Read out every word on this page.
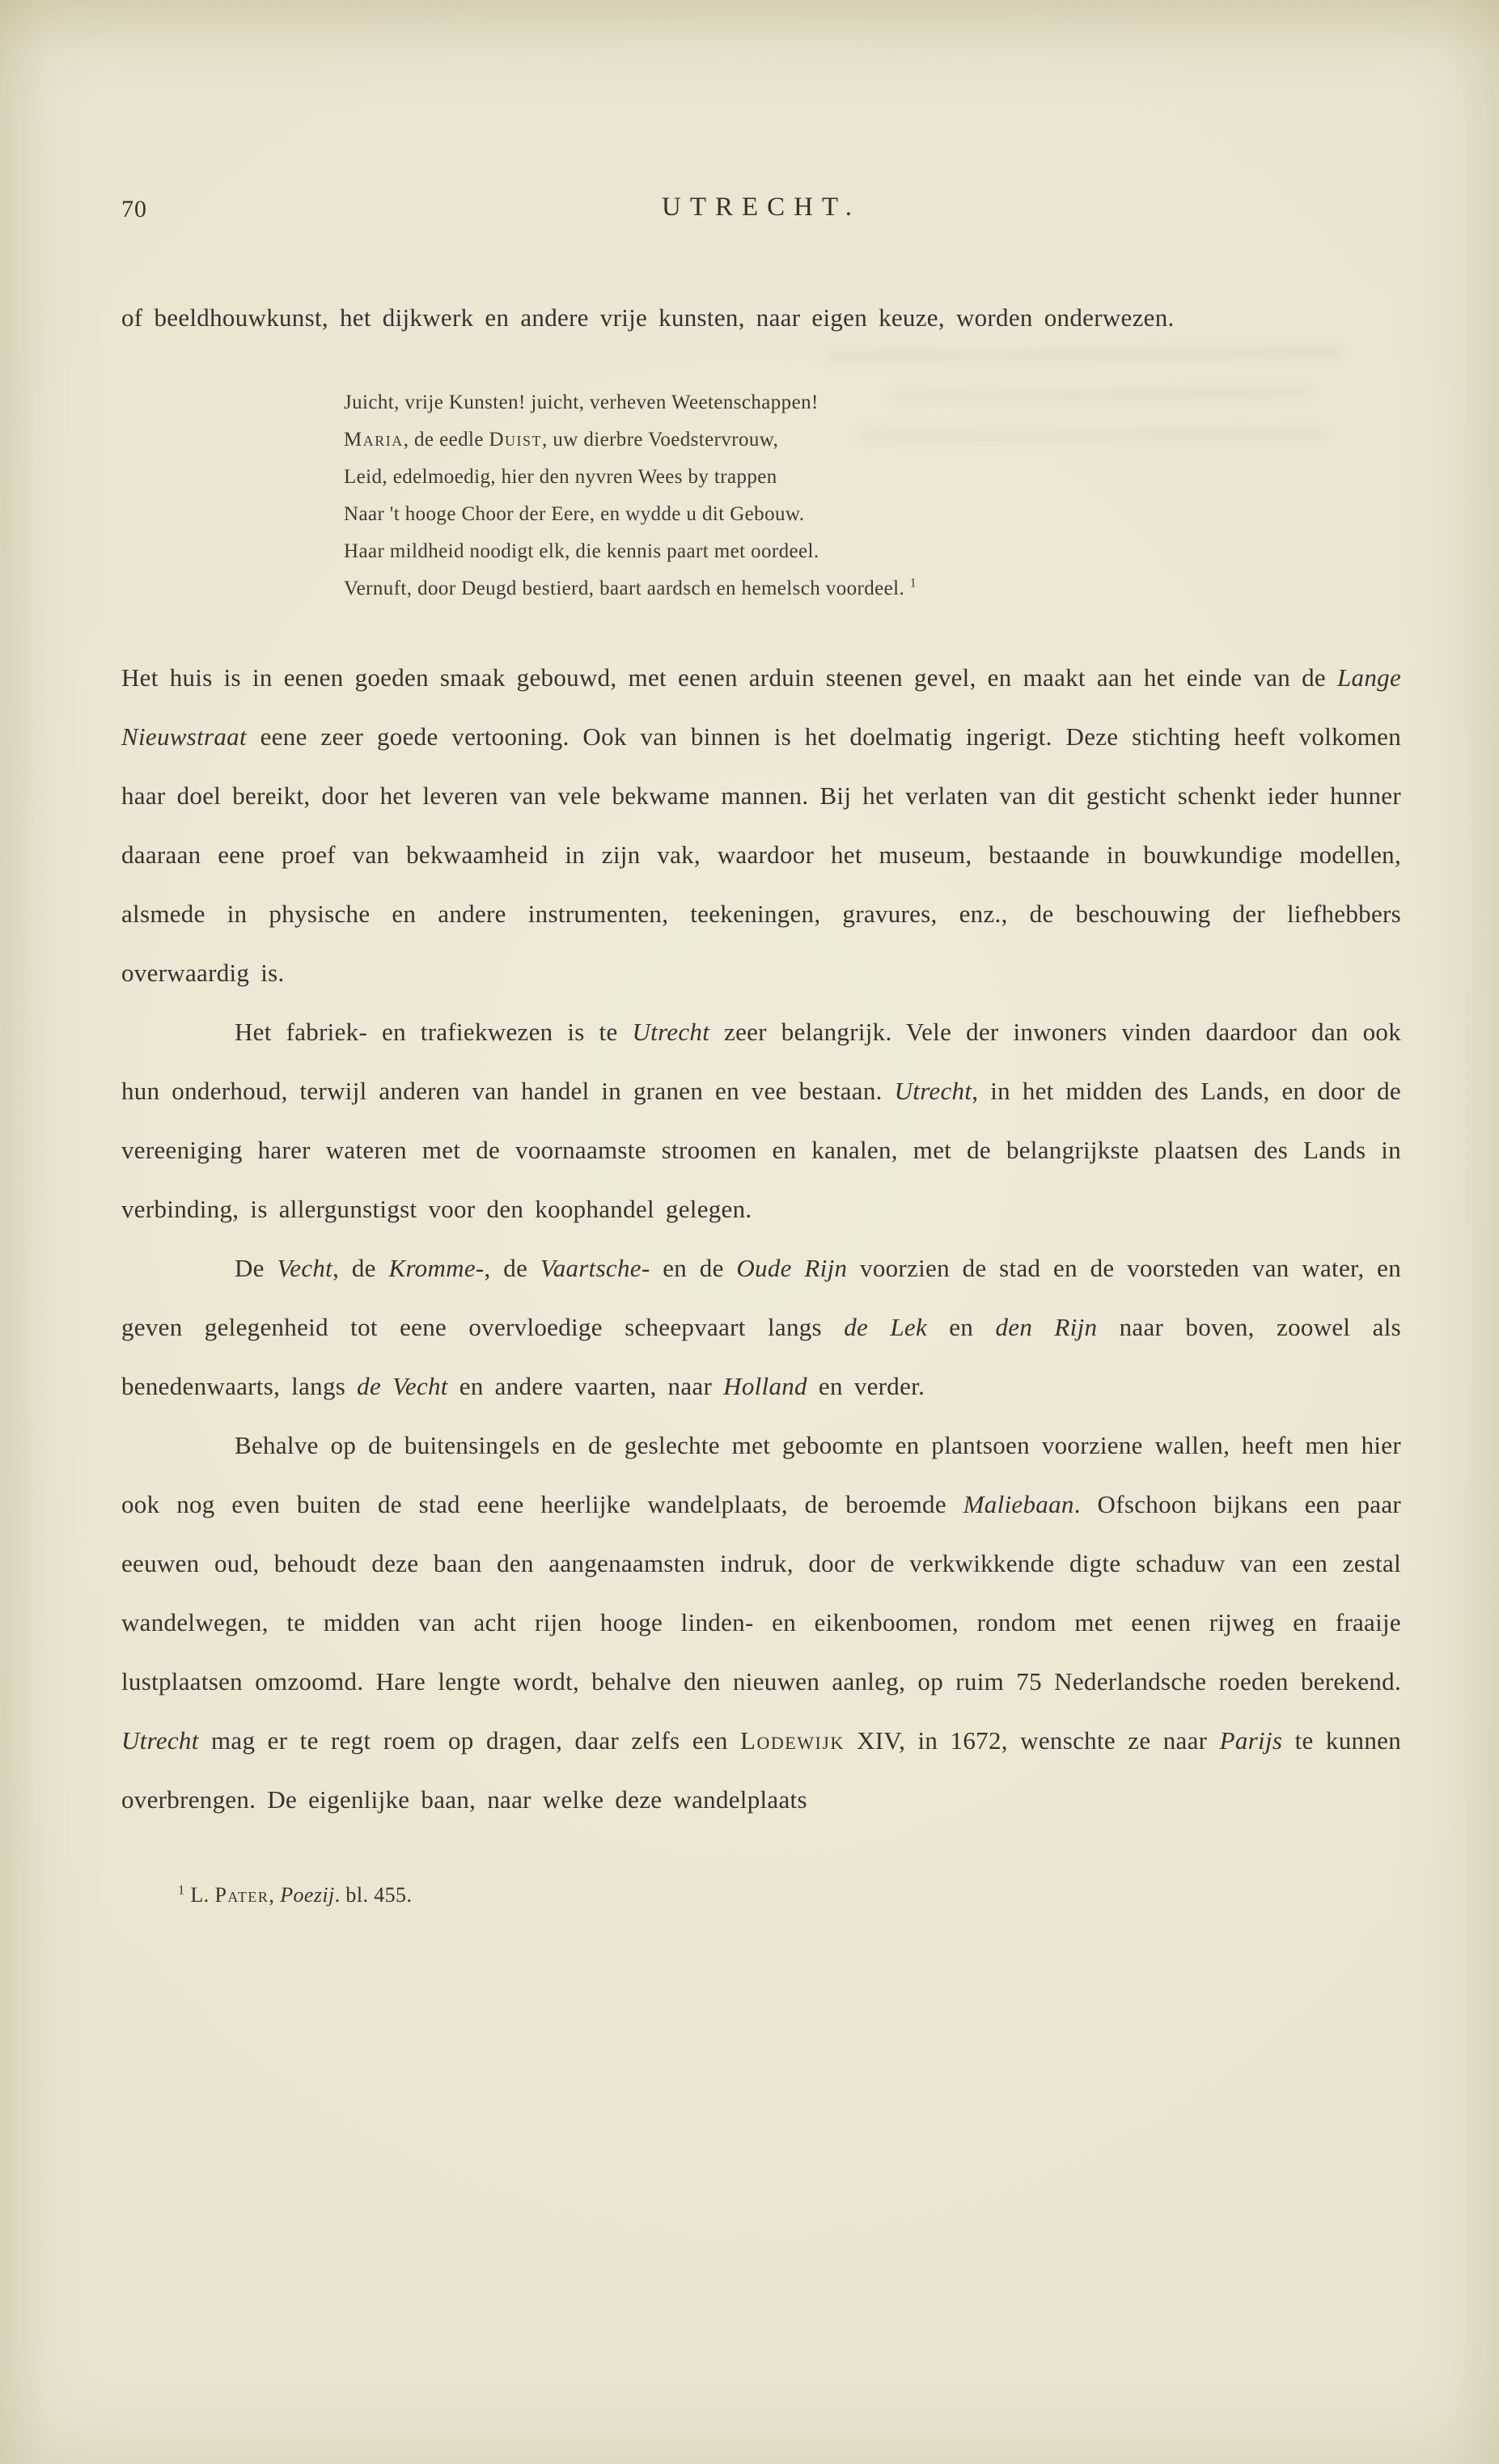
70	UTRECHT.

of beeldhouwkunst, het dijkwerk en andere vrije kunsten, naar eigen keuze, worden onderwezen.

Juicht, vrije Kunsten! juicht, verheven Weetenschappen!
Maria, de eedle Duist, uw dierbre Voedstervrouw,
Leid, edelmoedig, hier den nyvren Wees by trappen
Naar 't hooge Choor der Eere, en wydde u dit Gebouw.
Haar mildheid noodigt elk, die kennis paart met oordeel.
Vernuft, door Deugd bestierd, baart aardsch en hemelsch voordeel. $^1$

Het huis is in eenen goeden smaak gebouwd, met eenen arduin steenen gevel, en maakt aan het einde van de Lange Nieuwstraat eene zeer goede vertooning. Ook van binnen is het doelmatig ingerigt. Deze stichting heeft volkomen haar doel bereikt, door het leveren van vele bekwame mannen. Bij het verlaten van dit gesticht schenkt ieder hunner daaraan eene proef van bekwaamheid in zijn vak, waardoor het museum, bestaande in bouwkundige modellen, alsmede in physische en andere instrumenten, teekeningen, gravures, enz., de beschouwing der liefhebbers overwaardig is.

Het fabriek- en trafiekwezen is te Utrecht zeer belangrijk. Vele der inwoners vinden daardoor dan ook hun onderhoud, terwijl anderen van handel in granen en vee bestaan. Utrecht, in het midden des Lands, en door de vereeniging harer wateren met de voornaamste stroomen en kanalen, met de belangrijkste plaatsen des Lands in verbinding, is allergunstigst voor den koophandel gelegen.

De Vecht, de Kromme-, de Vaartsche- en de Oude Rijn voorzien de stad en de voorsteden van water, en geven gelegenheid tot eene overvloedige scheepvaart langs de Lek en den Rijn naar boven, zoowel als benedenwaarts, langs de Vecht en andere vaarten, naar Holland en verder.

Behalve op de buitensingels en de geslechte met geboomte en plantsoen voorziene wallen, heeft men hier ook nog even buiten de stad eene heerlijke wandelplaats, de beroemde Maliebaan. Ofschoon bijkans een paar eeuwen oud, behoudt deze baan den aangenaamsten indruk, door de verkwikkende digte schaduw van een zestal wandelwegen, te midden van acht rijen hooge linden- en eikenboomen, rondom met eenen rijweg en fraaije lustplaatsen omzoomd. Hare lengte wordt, behalve den nieuwen aanleg, op ruim 75 Nederlandsche roeden berekend. Utrecht mag er te regt roem op dragen, daar zelfs een Lodewijk XIV, in 1672, wenschte ze naar Parijs te kunnen overbrengen. De eigenlijke baan, naar welke deze wandelplaats

$^1$ L. Pater, Poezij. bl. 455.
